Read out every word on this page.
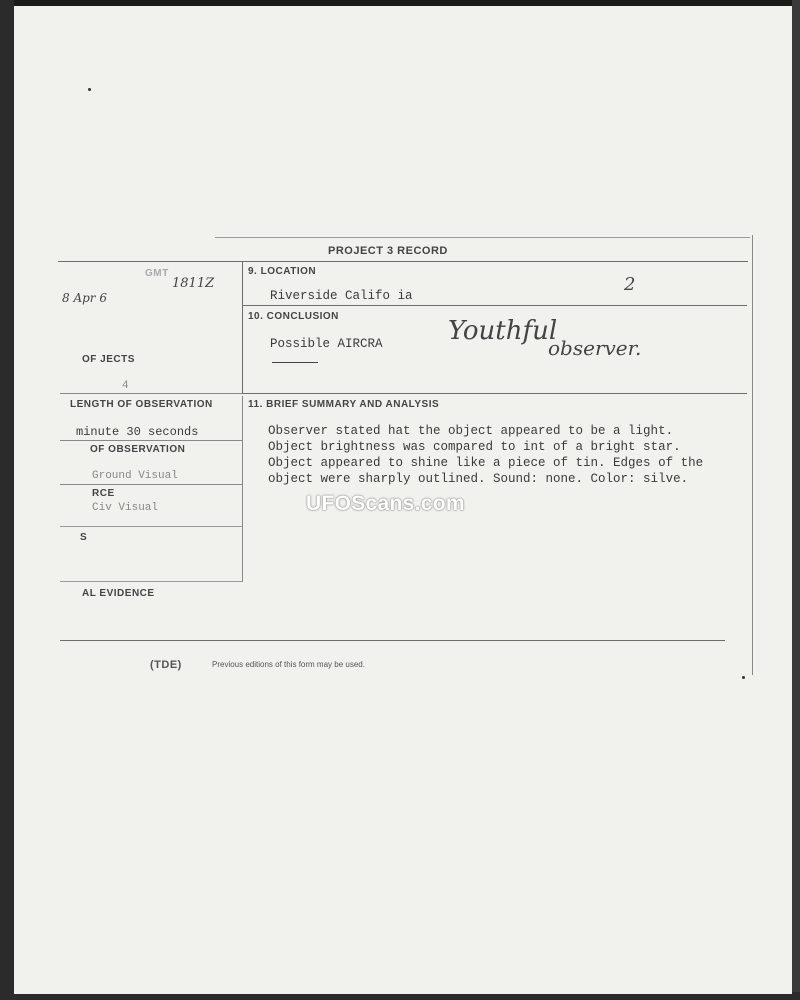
PROJECT 3 RECORD
GMT
1811Z
8 Apr 6
OF JECTS
4
LENGTH OF OBSERVATION
minute 30 seconds
OF OBSERVATION
Ground Visual
RCE
Civ Visual
S
AL EVIDENCE
9. LOCATION
Riverside Califo ia
2
10. CONCLUSION
Possible AIRCRA	Youthful
observer.
11. BRIEF SUMMARY AND ANALYSIS
Observer stated hat the object appeared to be a light.
Object brightness was compared to int of a bright star.
Object appeared to shine like a piece of tin. Edges of the
object were sharply outlined. Sound: none. Color: silve.
UFOScans.com
(TDE)	Previous editions of this form may be used.
